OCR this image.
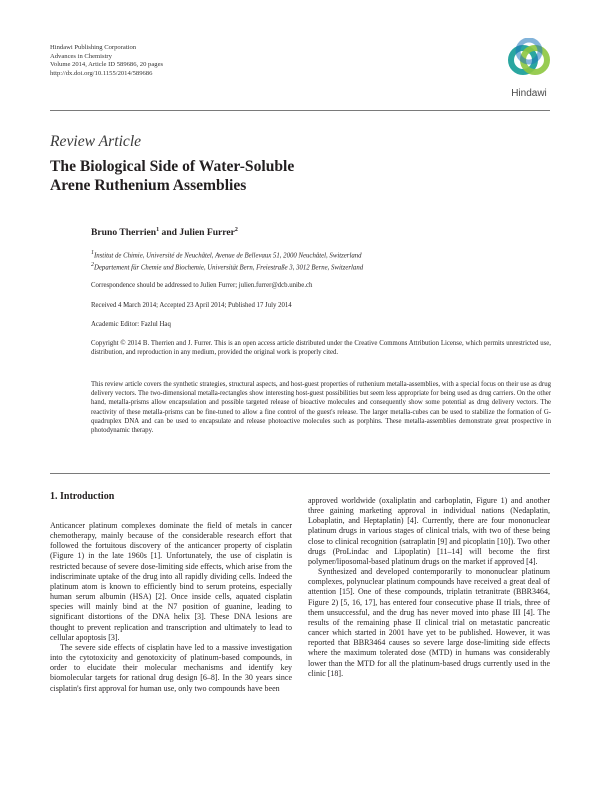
Hindawi Publishing Corporation
Advances in Chemistry
Volume 2014, Article ID 589686, 20 pages
http://dx.doi.org/10.1155/2014/589686
Hindawi
Review Article
The Biological Side of Water-Soluble
Arene Ruthenium Assemblies
Bruno Therrien$^1$ and Julien Furrer$^2$
$^1$Institut de Chimie, Université de Neuchâtel, Avenue de Bellevaux 51, 2000 Neuchâtel, Switzerland
$^2$Departement für Chemie und Biochemie, Universität Bern, Freiestraße 3, 3012 Berne, Switzerland
Correspondence should be addressed to Julien Furrer; julien.furrer@dcb.unibe.ch
Received 4 March 2014; Accepted 23 April 2014; Published 17 July 2014
Academic Editor: Fazlul Haq
Copyright © 2014 B. Therrien and J. Furrer. This is an open access article distributed under the Creative Commons Attribution License, which permits unrestricted use, distribution, and reproduction in any medium, provided the original work is properly cited.
This review article covers the synthetic strategies, structural aspects, and host-guest properties of ruthenium metalla-assemblies, with a special focus on their use as drug delivery vectors. The two-dimensional metalla-rectangles show interesting host-guest possibilities but seem less appropriate for being used as drug carriers. On the other hand, metalla-prisms allow encapsulation and possible targeted release of bioactive molecules and consequently show some potential as drug delivery vectors. The reactivity of these metalla-prisms can be fine-tuned to allow a fine control of the guest's release. The larger metalla-cubes can be used to stabilize the formation of G-quadruplex DNA and can be used to encapsulate and release photoactive molecules such as porphins. These metalla-assemblies demonstrate great prospective in photodynamic therapy.
1. Introduction

Anticancer platinum complexes dominate the field of metals in cancer chemotherapy, mainly because of the considerable research effort that followed the fortuitous discovery of the anticancer property of cisplatin (Figure 1) in the late 1960s [1]. Unfortunately, the use of cisplatin is restricted because of severe dose-limiting side effects, which arise from the indiscriminate uptake of the drug into all rapidly dividing cells. Indeed the platinum atom is known to efficiently bind to serum proteins, especially human serum albumin (HSA) [2]. Once inside cells, aquated cisplatin species will mainly bind at the N7 position of guanine, leading to significant distortions of the DNA helix [3]. These DNA lesions are thought to prevent replication and transcription and ultimately to lead to cellular apoptosis [3].

The severe side effects of cisplatin have led to a massive investigation into the cytotoxicity and genotoxicity of platinum-based compounds, in order to elucidate their molecular mechanisms and identify key biomolecular targets for rational drug design [6–8]. In the 30 years since cisplatin's first approval for human use, only two compounds have been

approved worldwide (oxaliplatin and carboplatin, Figure 1) and another three gaining marketing approval in individual nations (Nedaplatin, Lobaplatin, and Heptaplatin) [4]. Currently, there are four mononuclear platinum drugs in various stages of clinical trials, with two of these being close to clinical recognition (satraplatin [9] and picoplatin [10]). Two other drugs (ProLindac and Lipoplatin) [11–14] will become the first polymer/liposomal-based platinum drugs on the market if approved [4].

Synthesized and developed contemporarily to mononuclear platinum complexes, polynuclear platinum compounds have received a great deal of attention [15]. One of these compounds, triplatin tetranitrate (BBR3464, Figure 2) [5, 16, 17], has entered four consecutive phase II trials, three of them unsuccessful, and the drug has never moved into phase III [4]. The results of the remaining phase II clinical trial on metastatic pancreatic cancer which started in 2001 have yet to be published. However, it was reported that BBR3464 causes so severe large dose-limiting side effects where the maximum tolerated dose (MTD) in humans was considerably lower than the MTD for all the platinum-based drugs currently used in the clinic [18].
